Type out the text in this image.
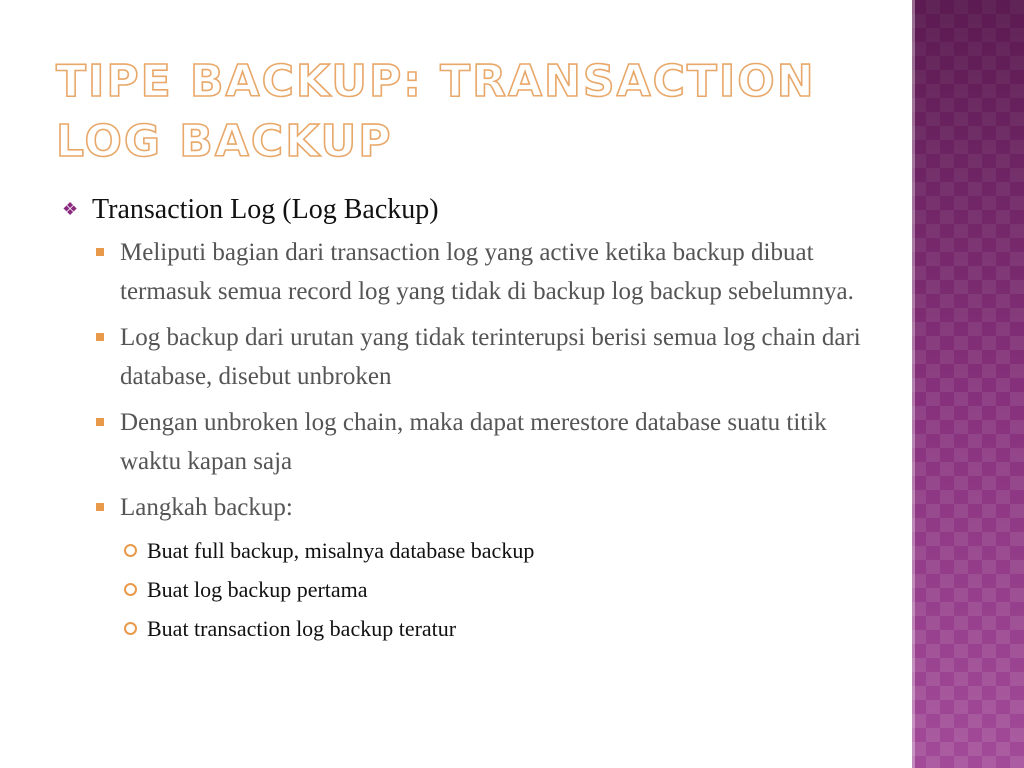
TIPE BACKUP: TRANSACTION
LOG BACKUP
❖ Transaction Log (Log Backup)
Meliputi bagian dari transaction log yang active ketika backup dibuat termasuk semua record log yang tidak di backup log backup sebelumnya.
Log backup dari urutan yang tidak terinterupsi berisi semua log chain dari database, disebut unbroken
Dengan unbroken log chain, maka dapat merestore database suatu titik waktu kapan saja
Langkah backup:
Buat full backup, misalnya database backup
Buat log backup pertama
Buat transaction log backup teratur
